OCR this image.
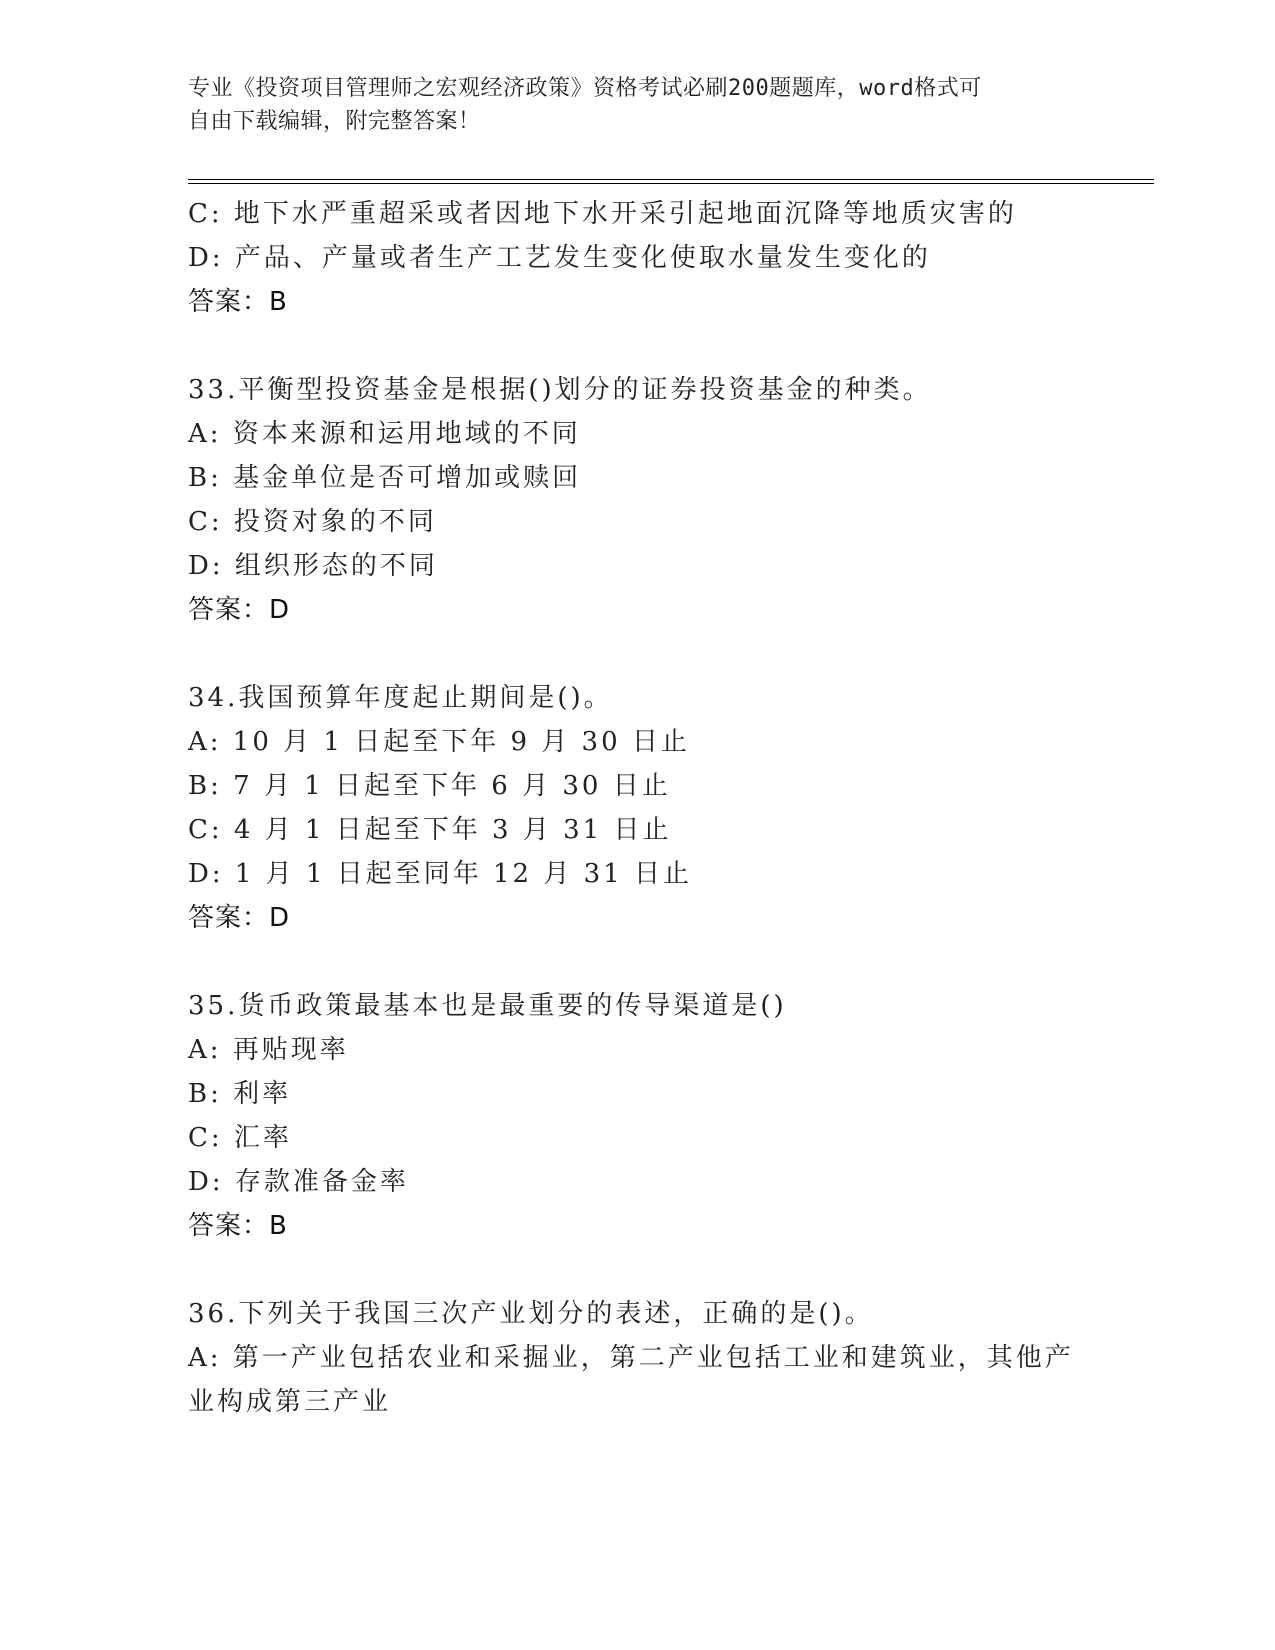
专业《投资项目管理师之宏观经济政策》资格考试必刷200题题库，word格式可
自由下载编辑，附完整答案！
C: 地下水严重超采或者因地下水开采引起地面沉降等地质灾害的
D: 产品、产量或者生产工艺发生变化使取水量发生变化的
答案：B
33.平衡型投资基金是根据()划分的证券投资基金的种类。
A: 资本来源和运用地域的不同
B: 基金单位是否可增加或赎回
C: 投资对象的不同
D: 组织形态的不同
答案：D
34.我国预算年度起止期间是()。
A: 10 月 1 日起至下年 9 月 30 日止
B: 7 月 1 日起至下年 6 月 30 日止
C: 4 月 1 日起至下年 3 月 31 日止
D: 1 月 1 日起至同年 12 月 31 日止
答案：D
35.货币政策最基本也是最重要的传导渠道是()
A: 再贴现率
B: 利率
C: 汇率
D: 存款准备金率
答案：B
36.下列关于我国三次产业划分的表述，正确的是()。
A: 第一产业包括农业和采掘业，第二产业包括工业和建筑业，其他产
业构成第三产业
